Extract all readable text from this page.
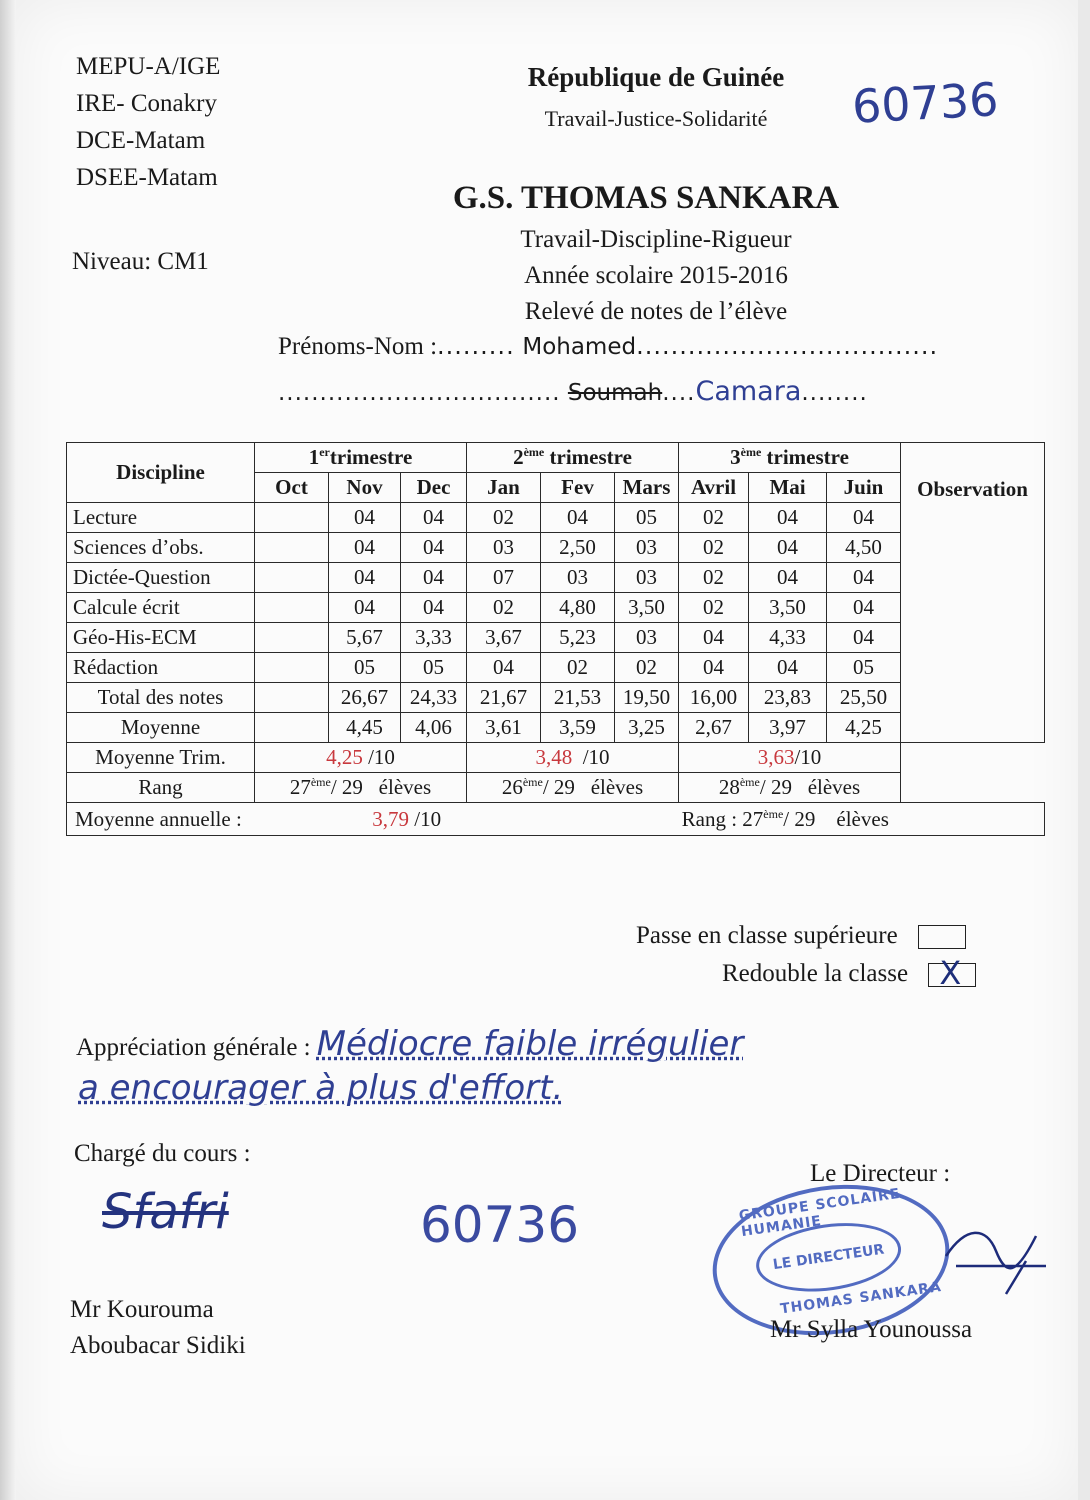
MEPU-A/IGE
IRE- Conakry
DCE-Matam
DSEE-Matam
Niveau: CM1
République de Guinée
Travail-Justice-Solidarité	60736
G.S. THOMAS SANKARA
Travail-Discipline-Rigueur
Année scolaire 2015-2016
Relevé de notes de l’élève
Prénoms-Nom :......... Mohamed...................................
.................................. Soumah....Camara........
Discipline	1ertrimestre			2ème trimestre			3ème trimestre			Observation
	Oct	Nov	Dec	Jan	Fev	Mars	Avril	Mai	Juin	
Lecture		04	04	02	04	05	02	04	04	
Sciences d’obs.		04	04	03	2,50	03	02	04	4,50	
Dictée-Question		04	04	07	03	03	02	04	04	
Calcule écrit		04	04	02	4,80	3,50	02	3,50	04	
Géo-His-ECM		5,67	3,33	3,67	5,23	03	04	4,33	04	
Rédaction		05	05	04	02	02	04	04	05	
Total des notes		26,67	24,33	21,67	21,53	19,50	16,00	23,83	25,50	
Moyenne		4,45	4,06	3,61	3,59	3,25	2,67	3,97	4,25	
Moyenne Trim.	4,25 /10			3,48 /10			3,63/10			
Rang	27ème/ 29 élèves			26ème/ 29 élèves			28ème/ 29 élèves			
Moyenne annuelle : 3,79 /10 Rang : 27ème/ 29 élèves										
Passe en classe supérieure
Redouble la classe X
Appréciation générale : Médiocre faible irrégulier
a encourager à plus d'effort.
Chargé du cours :
Sfafri	60736
Mr Kourouma
Aboubacar Sidiki
Le Directeur :
GROUPE SCOLAIRE HUMANIE
LE DIRECTEUR
THOMAS SANKARA
Mr Sylla Younoussa
